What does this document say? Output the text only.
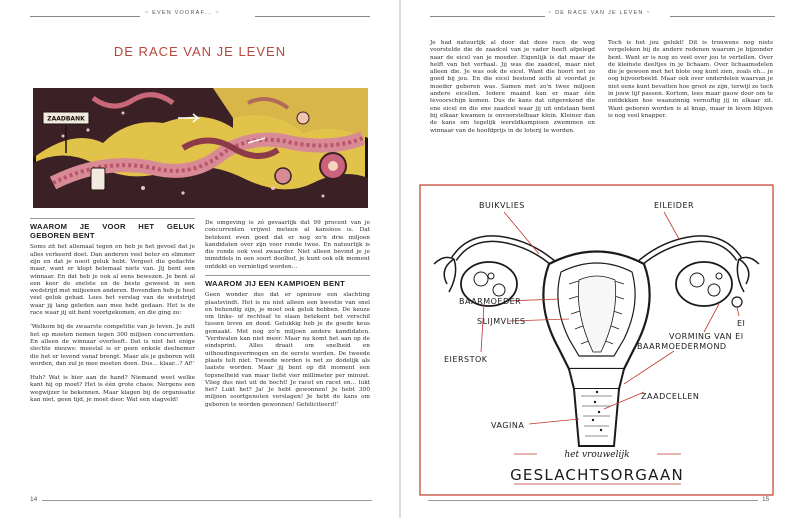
~ EVEN VOORAF... ~
DE RACE VAN JE LEVEN
ZAADBANK
WAAROM JE VOOR HET GELUK GEBOREN BENT

Soms zit het allemaal tegen en heb je het gevoel dat je alles verkeerd doet. Dan anderen veel beter en slimmer zijn en dat je nooit geluk hebt. Vergeet die gedachte maar, want er klopt helemaal niets van. Jij bent een winnaar. En dat heb je ook al eens bewezen. Je bent al een keer de snelste en de beste geweest in een wedstrijd met miljoenen anderen. Bovendien heb je heel veel geluk gehad. Lees het verslag van de wedstrijd waar jij lang geleden aan mee hebt gedaan. Het is de race waar jij uit bent voortgekomen, en die ging zo:

‘Welkom bij de zwaarste competitie van je leven. Je zult het op moeten nemen tegen 300 miljoen concurrenten. En alleen de winnaar overleeft. Dat is niet het enige slechte nieuws: meestal is er geen enkele deelnemer die het er levend vanaf brengt. Maar als je geboren wilt worden, dan zul je mee moeten doen. Dus... klaar...? Af!’

Huh? Wat is hier aan de hand? Niemand weet welke kant hij op moet? Het is één grote chaos. Nergens een wegwijzer te bekennen. Maar klagen bij de organisatie kan niet, geen tijd, je moet door. Wat een slagveld!

De omgeving is zó gevaarlijk dat 99 procent van je concurrenten vrijwel meteen al kansloos is. Dat betekent even goed dat er nog zo'n drie miljoen kandidaten over zijn voor ronde twee. En natuurlijk is die ronde ook veel zwaarder. Niet alleen bevind je je inmiddels in een soort doolhof, je kunt ook elk moment ontdekt en vernietigd worden...

WAAROM JIJ EEN KAMPIOEN BENT

Geen wonder dus dat er opnieuw een slachting plaatsvindt. Het is nu niet alleen een kwestie van snel en behendig zijn, je moet ook geluk hebben. De keuze om links- of rechtsaf te slaan betekent het verschil tussen leven en dood. Gelukkig heb je de goede keus gemaakt. Met nog zo'n miljoen andere kandidaten. ‘Verdwalen kan niet meer. Maar nu komt het aan op de eindsprint. Alles draait om snelheid en uithoudingsvermogen en de eerste worden. De tweede plaats telt niet. Tweede worden is net zo dodelijk als laatste worden. Maar jij bent op dit moment een topsnelheid van maar liefst vier millimeter per minuut. Vlieg dus niet uit de bocht! Je racet en racet en... lukt het? Lukt het? Ja! Je hebt gewonnen! Je hebt 300 miljoen soortgenoten verslagen! Je hebt de kans om geboren te worden gewonnen! Gefeliciteerd!’

14
~ DE RACE VAN JE LEVEN ~

Je had natuurlijk al door dat deze race de weg voorstelde die de zaadcel van je vader heeft afgelegd naar de eicel van je moeder. Eigenlijk is dat maar de helft van het verhaal. Jij was die zaadcel, maar niet alleen die. Je was ook de eicel. Want die hoort net zo goed bij jou. En die eicel bestond zelfs al voordat je moeder geboren was. Samen met zo'n twee miljoen andere eicellen. Iedere maand kan er maar één tevoorschijn komen. Dus de kans dat uitgerekend die ene eicel en die ene zaadcel waar jij uit ontstaan bent bij elkaar kwamen is onvoorstelbaar klein. Kleiner dan de kans om tegelijk wereldkampioen zwemmen en winnaar van de hoofdprijs in de loterij te worden.

Toch is het jou gelukt! Dit is trouwens nog niets vergeleken bij de andere redenen waarom je bijzonder bent. Want er is nog zo veel over jou te vertellen. Over de kleinste deeltjes in je lichaam. Over lichaamsdelen die je gewoon met het blote oog kunt zien, zoals eh... je oog bijvoorbeeld. Maar ook over onderdelen waarvan je niet eens kunt bevatten hoe groot ze zijn, terwijl ze toch in jouw lijf passen. Kortom, lees maar gauw door om te ontdekken hoe waanzinnig vernuftig jij in elkaar zit. Want geboren worden is al knap, maar in leven blijven is nog veel knapper.

BUIKVLIES	EILEIDER
BAARMOEDER
SLIJMVLIES
VORMING VAN EI
EI
EIERSTOK
BAARMOEDERMOND
ZAADCELLEN
VAGINA
het vrouwelijk
GESLACHTSORGAAN
15
